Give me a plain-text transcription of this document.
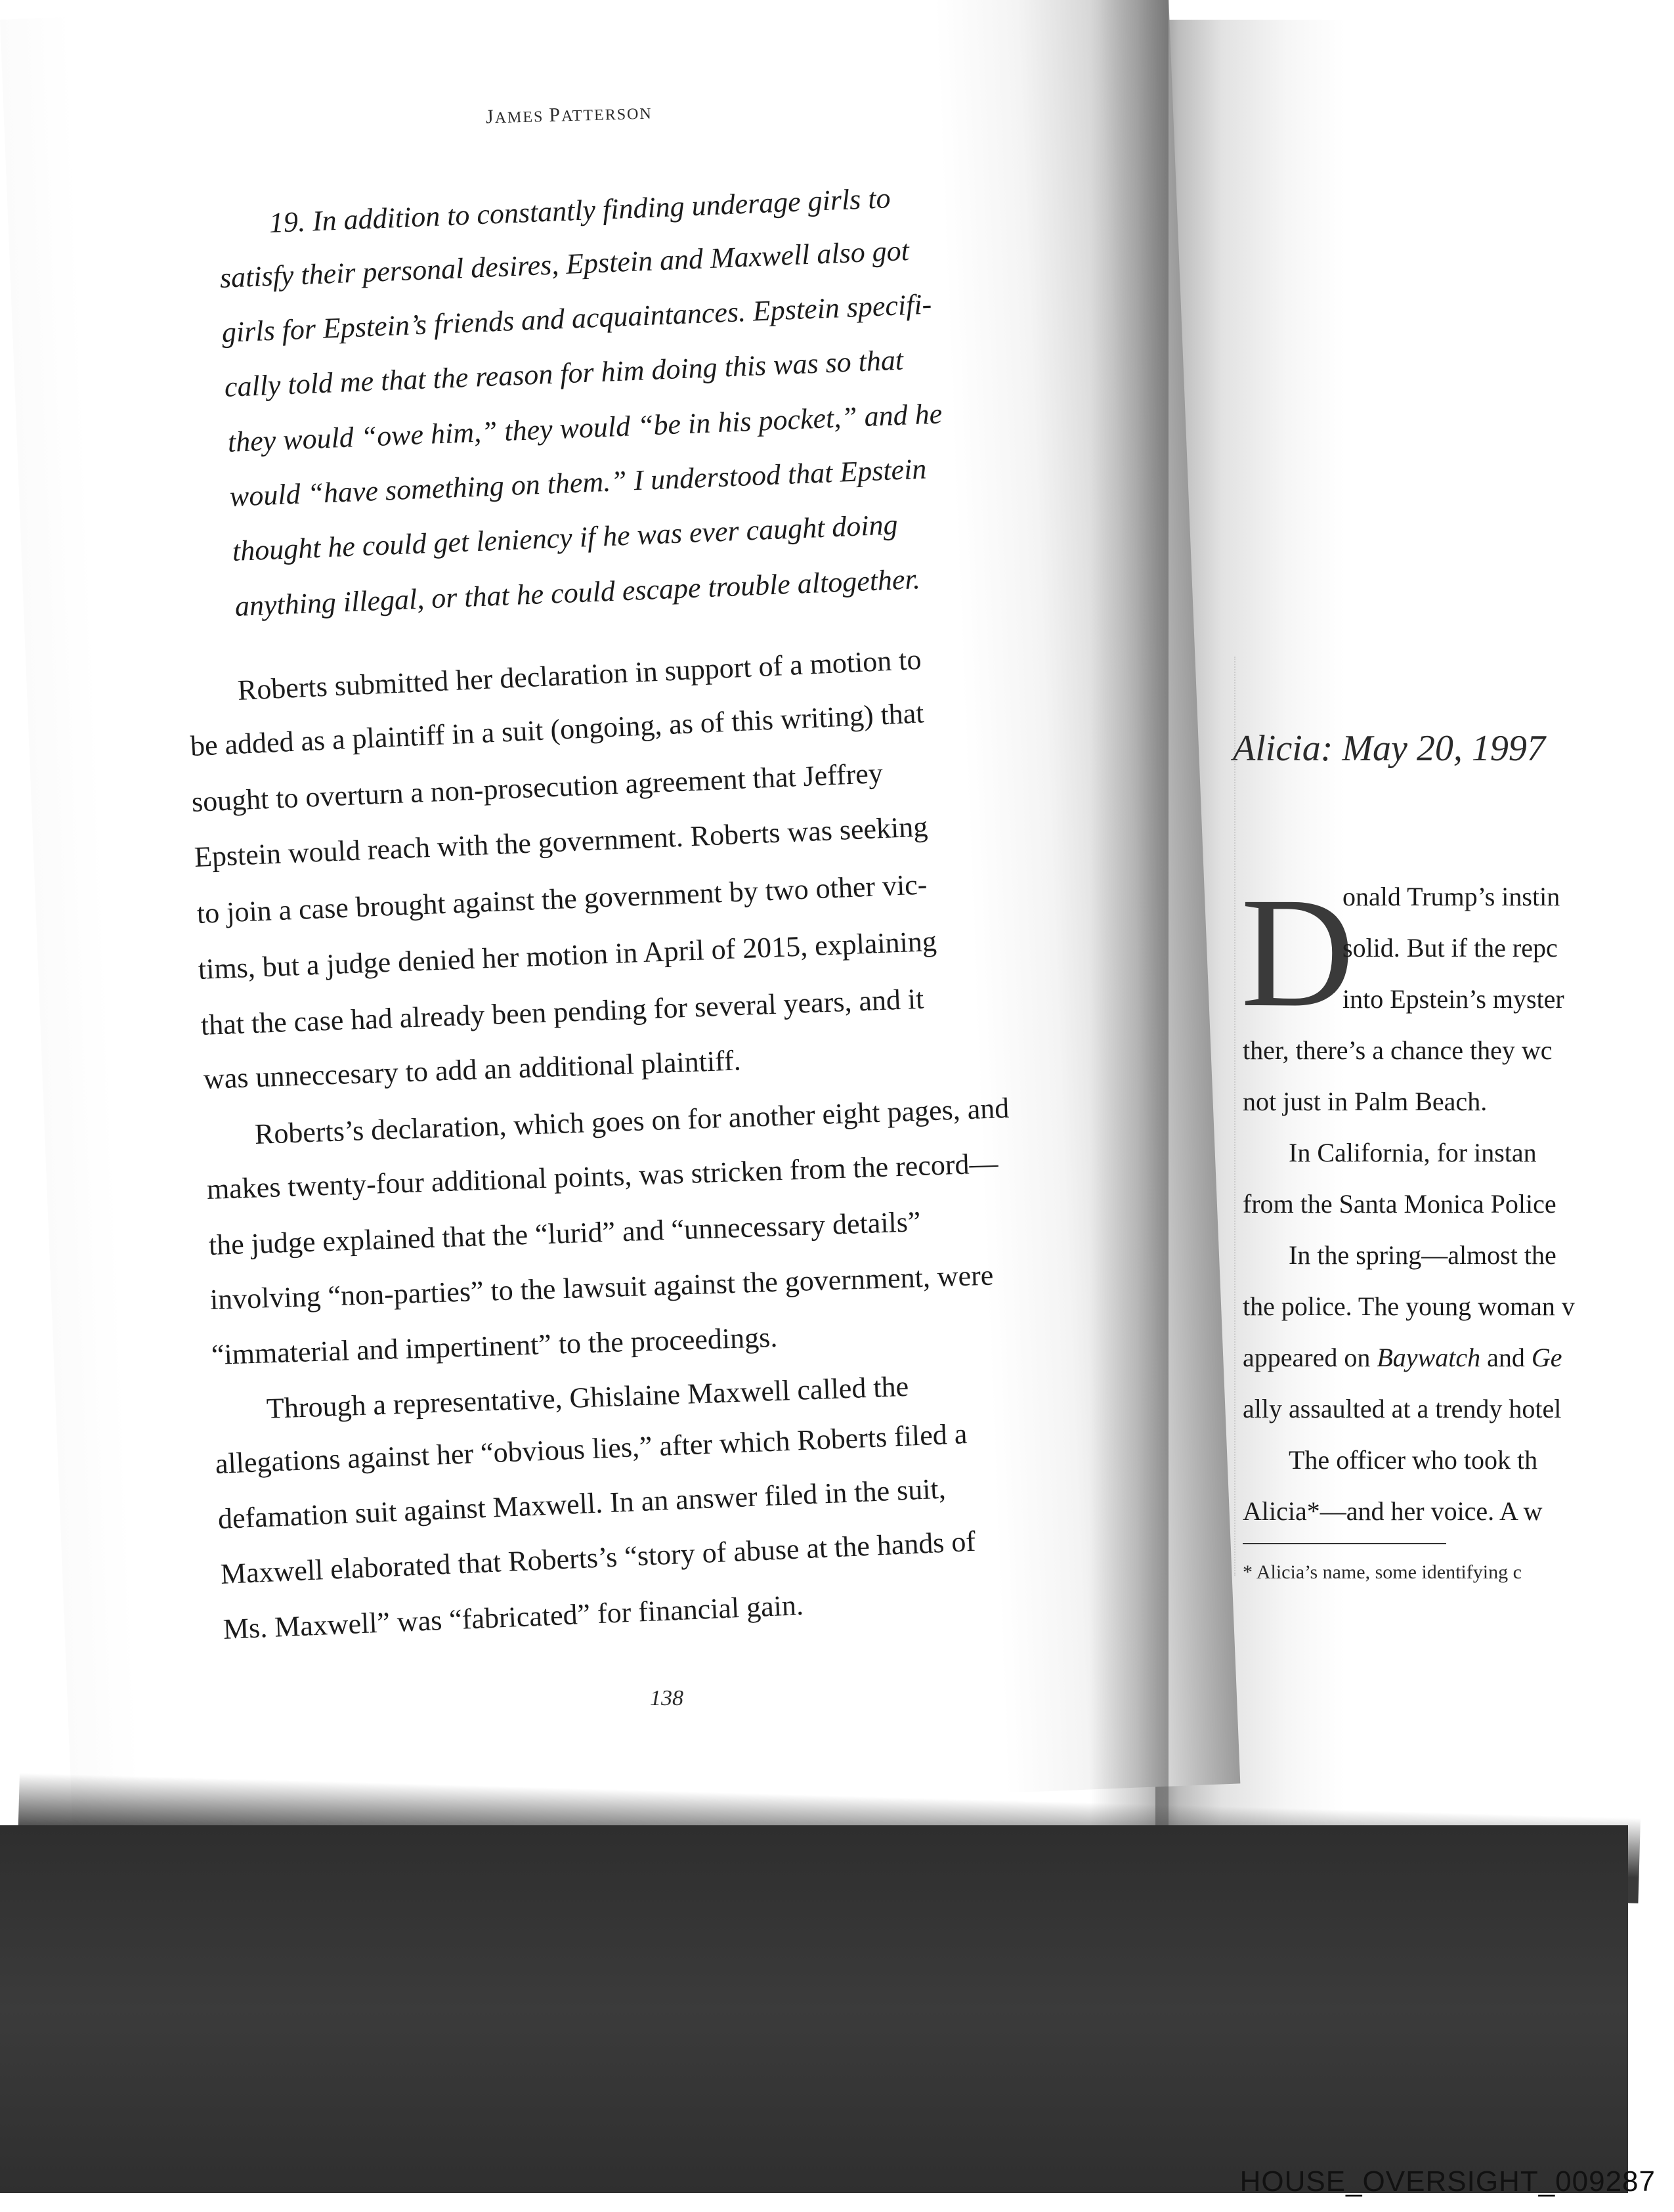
JAMES PATTERSON
19. In addition to constantly finding underage girls to
satisfy their personal desires, Epstein and Maxwell also got
girls for Epstein’s friends and acquaintances. Epstein specifi-
cally told me that the reason for him doing this was so that
they would “owe him,” they would “be in his pocket,” and he
would “have something on them.” I understood that Epstein
thought he could get leniency if he was ever caught doing
anything illegal, or that he could escape trouble altogether.
Roberts submitted her declaration in support of a motion to
be added as a plaintiff in a suit (ongoing, as of this writing) that
sought to overturn a non-prosecution agreement that Jeffrey
Epstein would reach with the government. Roberts was seeking
to join a case brought against the government by two other vic-
tims, but a judge denied her motion in April of 2015, explaining
that the case had already been pending for several years, and it
was unneccesary to add an additional plaintiff.
Roberts’s declaration, which goes on for another eight pages, and
makes twenty-four additional points, was stricken from the record—
the judge explained that the “lurid” and “unnecessary details”
involving “non-parties” to the lawsuit against the government, were
“immaterial and impertinent” to the proceedings.
Through a representative, Ghislaine Maxwell called the
allegations against her “obvious lies,” after which Roberts filed a
defamation suit against Maxwell. In an answer filed in the suit,
Maxwell elaborated that Roberts’s “story of abuse at the hands of
Ms. Maxwell” was “fabricated” for financial gain.
138
Alicia: May 20, 1997
D
onald Trump’s instin
solid. But if the repc
into Epstein’s myster
ther, there’s a chance they wc
not just in Palm Beach.
In California, for instan
from the Santa Monica Police
In the spring—almost the
the police. The young woman v
appeared on Baywatch and Ge
ally assaulted at a trendy hotel
The officer who took th
Alicia*—and her voice. A w
* Alicia’s name, some identifying c
HOUSE_OVERSIGHT_009287
